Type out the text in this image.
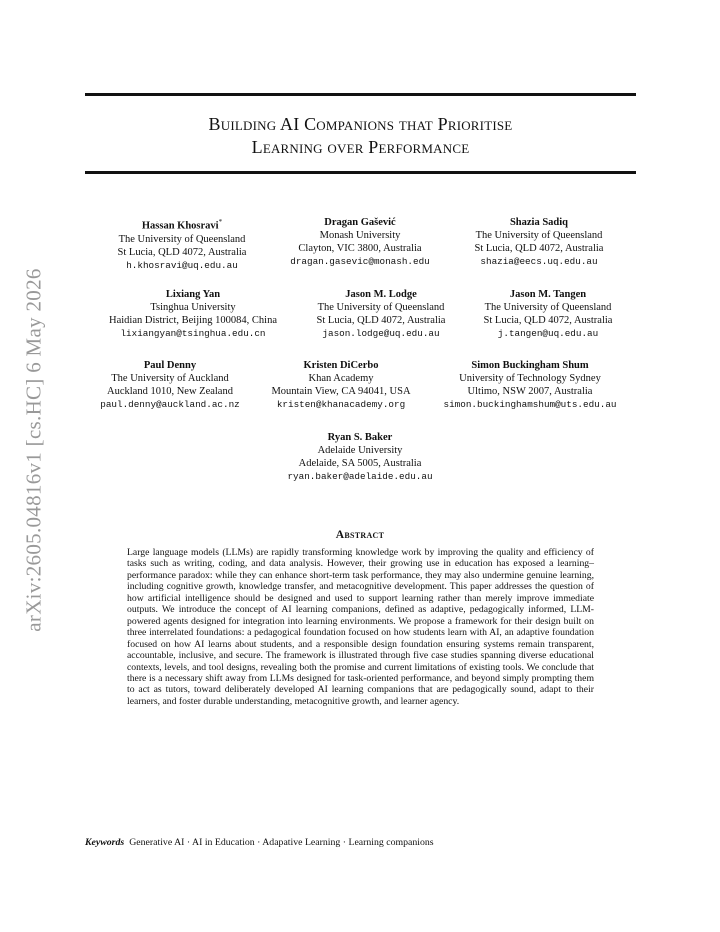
arXiv:2605.04816v1 [cs.HC] 6 May 2026
Building AI Companions that Prioritise
Learning over Performance
Hassan Khosravi*
The University of Queensland
St Lucia, QLD 4072, Australia
h.khosravi@uq.edu.au
Dragan Gašević
Monash University
Clayton, VIC 3800, Australia
dragan.gasevic@monash.edu
Shazia Sadiq
The University of Queensland
St Lucia, QLD 4072, Australia
shazia@eecs.uq.edu.au
Lixiang Yan
Tsinghua University
Haidian District, Beijing 100084, China
lixiangyan@tsinghua.edu.cn
Jason M. Lodge
The University of Queensland
St Lucia, QLD 4072, Australia
jason.lodge@uq.edu.au
Jason M. Tangen
The University of Queensland
St Lucia, QLD 4072, Australia
j.tangen@uq.edu.au
Paul Denny
The University of Auckland
Auckland 1010, New Zealand
paul.denny@auckland.ac.nz
Kristen DiCerbo
Khan Academy
Mountain View, CA 94041, USA
kristen@khanacademy.org
Simon Buckingham Shum
University of Technology Sydney
Ultimo, NSW 2007, Australia
simon.buckinghamshum@uts.edu.au
Ryan S. Baker
Adelaide University
Adelaide, SA 5005, Australia
ryan.baker@adelaide.edu.au
Abstract
Large language models (LLMs) are rapidly transforming knowledge work by improving the quality and efficiency of tasks such as writing, coding, and data analysis. However, their growing use in education has exposed a learning–performance paradox: while they can enhance short-term task performance, they may also undermine genuine learning, including cognitive growth, knowledge transfer, and metacognitive development. This paper addresses the question of how artificial intelligence should be designed and used to support learning rather than merely improve immediate outputs. We introduce the concept of AI learning companions, defined as adaptive, pedagogically informed, LLM-powered agents designed for integration into learning environments. We propose a framework for their design built on three interrelated foundations: a pedagogical foundation focused on how students learn with AI, an adaptive foundation focused on how AI learns about students, and a responsible design foundation ensuring systems remain transparent, accountable, inclusive, and secure. The framework is illustrated through five case studies spanning diverse educational contexts, levels, and tool designs, revealing both the promise and current limitations of existing tools. We conclude that there is a necessary shift away from LLMs designed for task-oriented performance, and beyond simply prompting them to act as tutors, toward deliberately developed AI learning companions that are pedagogically sound, adapt to their learners, and foster durable understanding, metacognitive growth, and learner agency.
Keywords Generative AI · AI in Education · Adapative Learning · Learning companions
